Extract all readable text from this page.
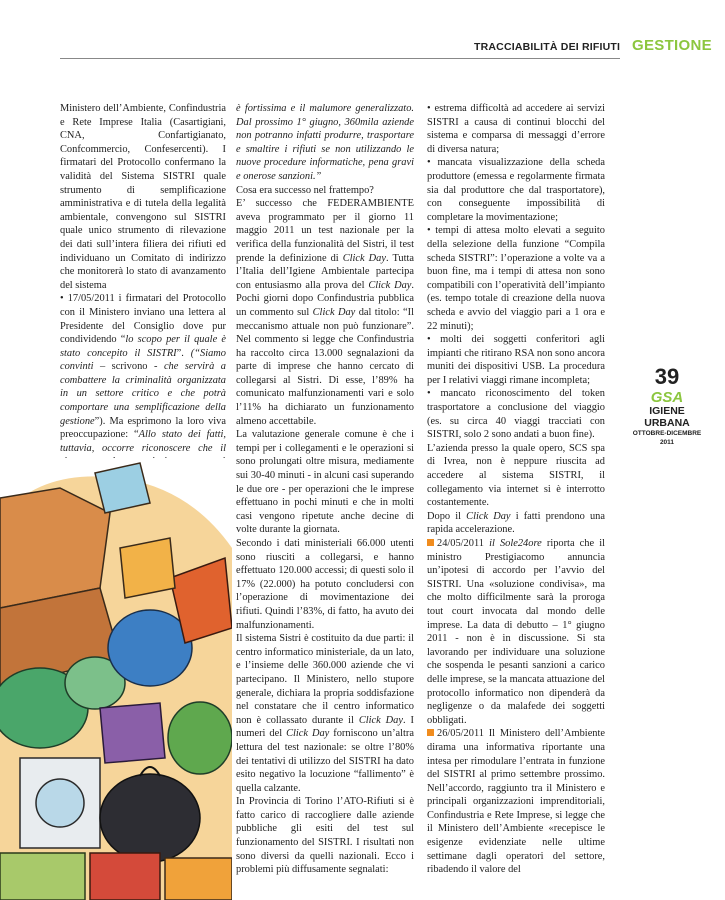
TRACCIABILITÀ DEI RIFIUTI GESTIONE

Ministero dell’Ambiente, Confindustria e Rete Imprese Italia (Casartigiani, CNA, Confartigianato, Confcommercio, Confesercenti). I firmatari del Protocollo confermano la validità del Sistema SISTRI quale strumento di semplificazione amministrativa e di tutela della legalità ambientale, convengono sul SISTRI quale unico strumento di rilevazione dei dati sull’intera filiera dei rifiuti ed individuano un Comitato di indirizzo che monitorerà lo stato di avanzamento del sistema

• 17/05/2011 i firmatari del Protocollo con il Ministero inviano una lettera al Presidente del Consiglio dove pur condividendo “lo scopo per il quale è stato concepito il SISTRI”. (“Siamo convinti – scrivono - che servirà a combattere la criminalità organizzata in un settore critico e che potrà comportare una semplificazione della gestione”). Ma esprimono la loro viva preoccupazione: “Allo stato dei fatti, tuttavia, occorre riconoscere che il

è fortissima e il malumore generalizzato. Dal prossimo 1° giugno, 360mila aziende non potranno infatti produrre, trasportare e smaltire i rifiuti se non utilizzando le nuove procedure informatiche, pena gravi e onerose sanzioni.”

Cosa era successo nel frattempo?

E’ successo che FEDERAMBIENTE aveva programmato per il giorno 11 maggio 2011 un test nazionale per la verifica della funzionalità del Sistri, il test prende la definizione di Click Day. Tutta l’Italia dell’Igiene Ambientale partecipa con entusiasmo alla prova del Click Day. Pochi giorni dopo Confindustria pubblica un commento sul Click Day dal titolo: “Il meccanismo attuale non può funzionare”. Nel commento si legge che Confindustria ha raccolto circa 13.000 segnalazioni da parte di imprese che hanno cercato di collegarsi al Sistri. Di esse, l’89% ha comunicato malfunzionamenti vari e solo l’11% ha dichiarato un funzionamento almeno accettabile.

La valutazione generale comune è che i tempi per i collegamenti e le operazioni si sono prolungati oltre misura, mediamente sui 30-40 minuti - in alcuni casi superando le due ore - per operazioni che le imprese effettuano in pochi minuti e che in molti casi vengono ripetute anche decine di volte durante la giornata.

Secondo i dati ministeriali 66.000 utenti sono riusciti a collegarsi, e hanno effettuato 120.000 accessi; di questi solo il 17% (22.000) ha potuto concludersi con l’operazione di movimentazione dei rifiuti. Quindi l’83%, di fatto, ha avuto dei malfunzionamenti.

Il sistema Sistri è costituito da due parti: il centro informatico ministeriale, da un lato, e l’insieme delle 360.000 aziende che vi partecipano. Il Ministero, nello stupore generale, dichiara la propria soddisfazione nel constatare che il centro informatico non è collassato durante il Click Day. I numeri del Click Day forniscono un’altra lettura del test nazionale: se oltre l’80% dei tentativi di utilizzo del SISTRI ha dato esito negativo la locuzione “fallimento” è quella calzante.

In Provincia di Torino l’ATO-Rifiuti si è fatto carico di raccogliere dalle aziende pubbliche gli esiti del test sul funzionamento del SISTRI. I risultati non sono diversi da quelli nazionali. Ecco i problemi più diffusamente segnalati:

• estrema difficoltà ad accedere ai servizi SISTRI a causa di continui blocchi del sistema e comparsa di messaggi d’errore di diversa natura;

• mancata visualizzazione della scheda produttore (emessa e regolarmente firmata sia dal produttore che dal trasportatore), con conseguente impossibilità di completare la movimentazione;

• tempi di attesa molto elevati a seguito della selezione della funzione “Compila scheda SISTRI”: l’operazione a volte va a buon fine, ma i tempi di attesa non sono compatibili con l’operatività dell’impianto (es. tempo totale di creazione della nuova scheda e avvio del viaggio pari a 1 ora e 22 minuti);

• molti dei soggetti conferitori agli impianti che ritirano RSA non sono ancora muniti dei dispositivi USB. La procedura per I relativi viaggi rimane incompleta;

• mancato riconoscimento del token trasportatore a conclusione del viaggio (es. su circa 40 viaggi tracciati con SISTRI, solo 2 sono andati a buon fine).

L’azienda presso la quale opero, SCS spa di Ivrea, non è neppure riuscita ad accedere al sistema SISTRI, il collegamento via internet si è interrotto costantemente.

Dopo il Click Day i fatti prendono una rapida accelerazione.

24/05/2011 il Sole24ore riporta che il ministro Prestigiacomo annuncia un’ipotesi di accordo per l’avvio del SISTRI. Una «soluzione condivisa», ma che molto difficilmente sarà la proroga tout court invocata dal mondo delle imprese. La data di debutto – 1° giugno 2011 - non è in discussione. Si sta lavorando per individuare una soluzione che sospenda le pesanti sanzioni a carico delle imprese, se la mancata attuazione del protocollo informatico non dipenderà da negligenze o da malafede dei soggetti obbligati.

26/05/2011 Il Ministero dell’Ambiente dirama una informativa riportante una intesa per rimodulare l’entrata in funzione del SISTRI al primo settembre prossimo. Nell’accordo, raggiunto tra il Ministero e principali organizzazioni imprenditoriali, Confindustria e Rete Imprese, si legge che il Ministero dell’Ambiente «recepisce le esigenze evidenziate nelle ultime settimane dagli operatori del settore, ribadendo il valore del

39
GSA
IGIENE URBANA
OTTOBRE-DICEMBRE 2011
